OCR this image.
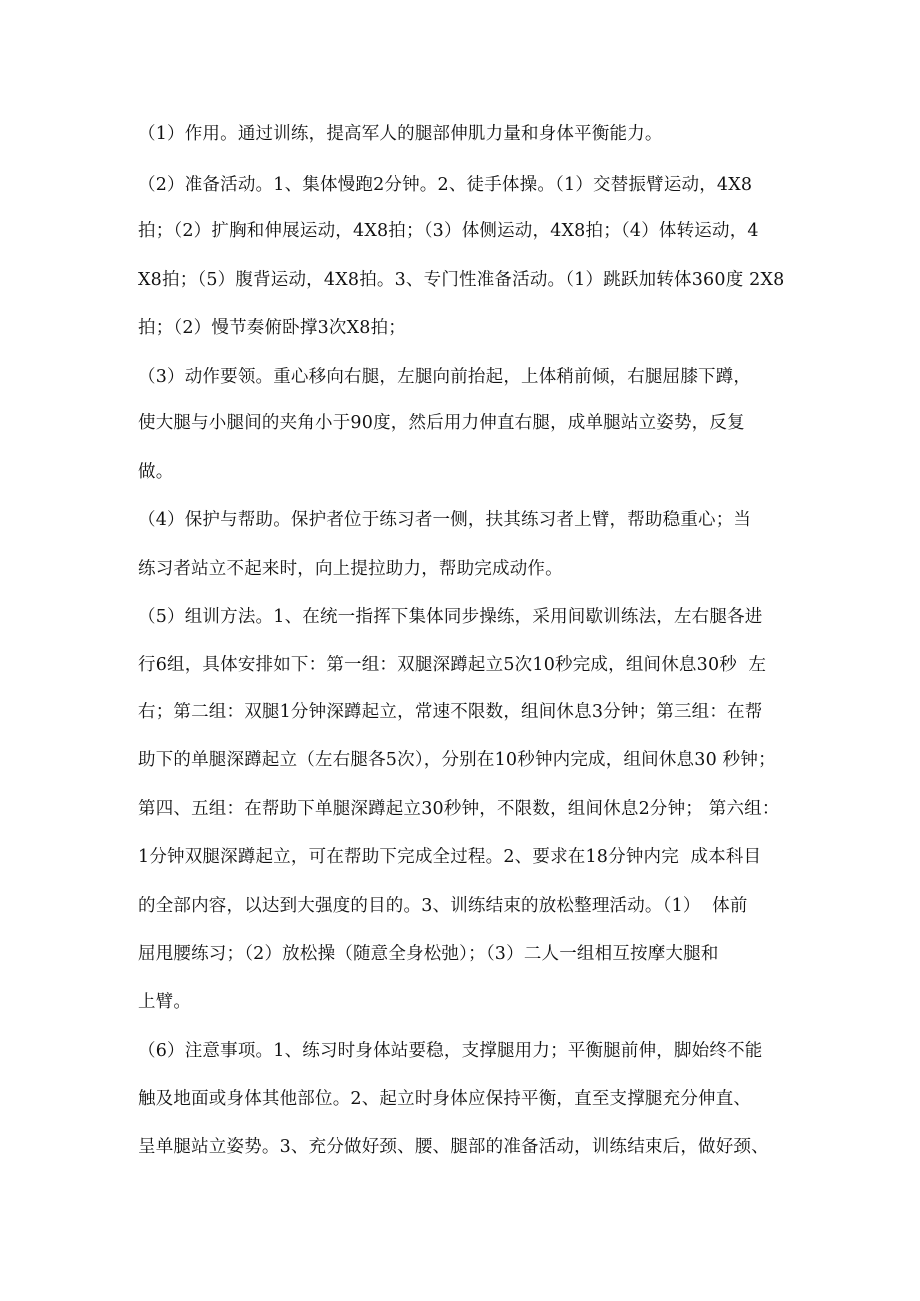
（1）作用。通过训练，提高军人的腿部伸肌力量和身体平衡能力。
（2）准备活动。1、集体慢跑2分钟。2、徒手体操。（1）交替振臂运动，4X8
拍；（2）扩胸和伸展运动，4X8拍；（3）体侧运动，4X8拍；（4）体转运动，4
X8拍；（5）腹背运动，4X8拍。3、专门性准备活动。（1）跳跃加转体360度 2X8
拍；（2）慢节奏俯卧撑3次X8拍；
（3）动作要领。重心移向右腿，左腿向前抬起，上体稍前倾，右腿屈膝下蹲，
使大腿与小腿间的夹角小于90度，然后用力伸直右腿，成单腿站立姿势，反复
做。
（4）保护与帮助。保护者位于练习者一侧，扶其练习者上臂，帮助稳重心；当
练习者站立不起来时，向上提拉助力，帮助完成动作。
（5）组训方法。1、在统一指挥下集体同步操练，采用间歇训练法，左右腿各进
行6组，具体安排如下：第一组：双腿深蹲起立5次10秒完成，组间休息30秒  左
右；第二组：双腿1分钟深蹲起立，常速不限数，组间休息3分钟；第三组：在帮
助下的单腿深蹲起立（左右腿各5次），分别在10秒钟内完成，组间休息30 秒钟；
第四、五组：在帮助下单腿深蹲起立30秒钟，不限数，组间休息2分钟； 第六组：
1分钟双腿深蹲起立，可在帮助下完成全过程。2、要求在18分钟内完  成本科目
的全部内容，以达到大强度的目的。3、训练结束的放松整理活动。（1）  体前
屈甩腰练习；（2）放松操（随意全身松弛）；（3）二人一组相互按摩大腿和
上臂。
（6）注意事项。1、练习时身体站要稳，支撑腿用力；平衡腿前伸，脚始终不能
触及地面或身体其他部位。2、起立时身体应保持平衡，直至支撑腿充分伸直、
呈单腿站立姿势。3、充分做好颈、腰、腿部的准备活动，训练结束后，做好颈、
